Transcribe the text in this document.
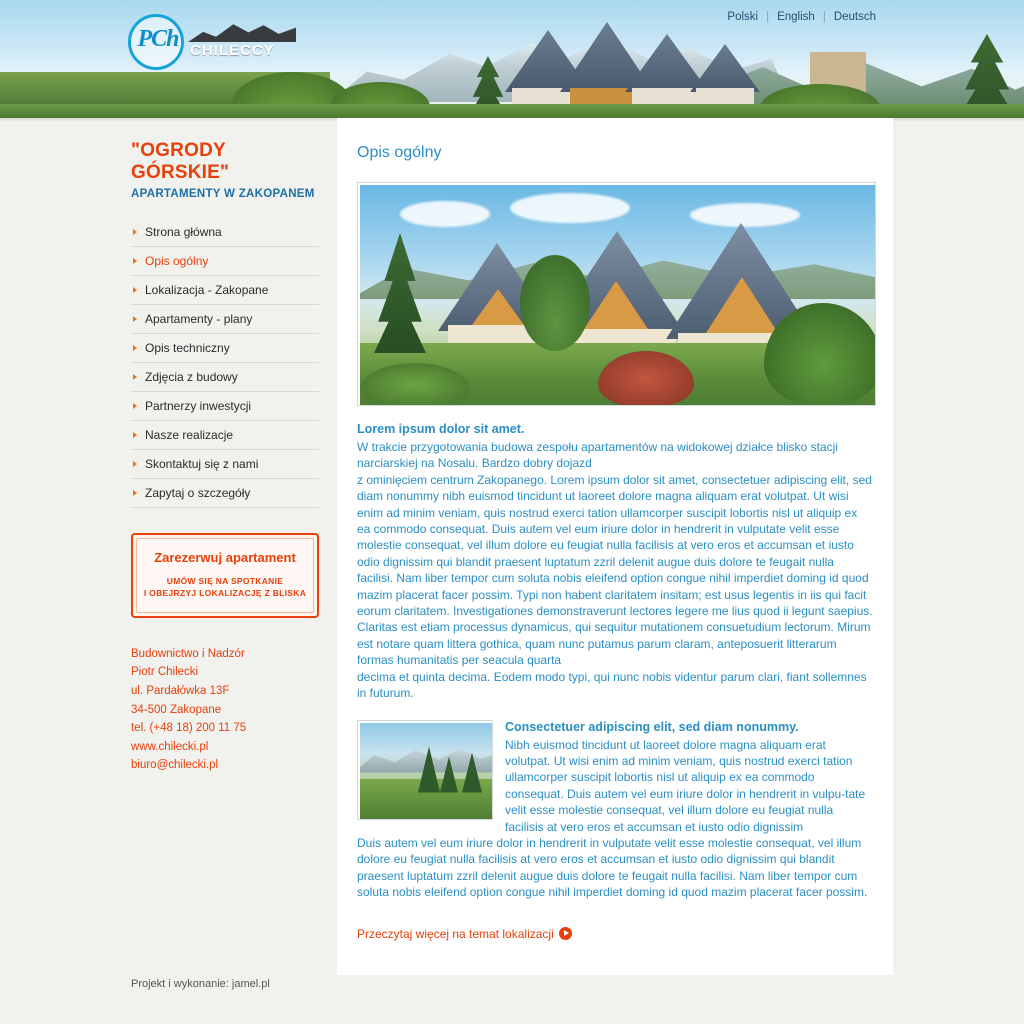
PCh CHILECCY
Polski | English | Deutsch
"OGRODY GÓRSKIE"
APARTAMENTY W ZAKOPANEM
Strona główna
Opis ogólny
Lokalizacja - Zakopane
Apartamenty - plany
Opis techniczny
Zdjęcia z budowy
Partnerzy inwestycji
Nasze realizacje
Skontaktuj się z nami
Zapytaj o szczegóły
Zarezerwuj apartament
UMÓW SIĘ NA SPOTKANIE
I OBEJRZYJ LOKALIZACJĘ Z BLISKA
Budownictwo i Nadzór
Piotr Chilecki
ul. Pardałówka 13F
34-500 Zakopane
tel. (+48 18) 200 11 75
www.chilecki.pl
biuro@chilecki.pl
Opis ogólny
Lorem ipsum dolor sit amet.

W trakcie przygotowania budowa zespołu apartamentów na widokowej działce blisko stacji narciarskiej na Nosalu. Bardzo dobry dojazd

z ominięciem centrum Zakopanego. Lorem ipsum dolor sit amet, consectetuer adipiscing elit, sed diam nonummy nibh euismod tincidunt ut laoreet dolore magna aliquam erat volutpat. Ut wisi enim ad minim veniam, quis nostrud exerci tation ullamcorper suscipit lobortis nisl ut aliquip ex ea commodo consequat. Duis autem vel eum iriure dolor in hendrerit in vulputate velit esse molestie consequat, vel illum dolore eu feugiat nulla facilisis at vero eros et accumsan et iusto odio dignissim qui blandit praesent luptatum zzril delenit augue duis dolore te feugait nulla facilisi. Nam liber tempor cum soluta nobis eleifend option congue nihil imperdiet doming id quod mazim placerat facer possim. Typi non habent claritatem insitam; est usus legentis in iis qui facit eorum claritatem. Investigationes demonstraverunt lectores legere me lius quod ii legunt saepius. Claritas est etiam processus dynamicus, qui sequitur mutationem consuetudium lectorum. Mirum est notare quam littera gothica, quam nunc putamus parum claram, anteposuerit litterarum formas humanitatis per seacula quarta

decima et quinta decima. Eodem modo typi, qui nunc nobis videntur parum clari, fiant sollemnes in futurum.

Consectetuer adipiscing elit, sed diam nonummy.

Nibh euismod tincidunt ut laoreet dolore magna aliquam erat volutpat. Ut wisi enim ad minim veniam, quis nostrud exerci tation ullamcorper suscipit lobortis nisl ut aliquip ex ea commodo consequat. Duis autem vel eum iriure dolor in hendrerit in vulpu-tate velit esse molestie consequat, vel illum dolore eu feugiat nulla facilisis at vero eros et accumsan et iusto odio dignissim

Duis autem vel eum iriure dolor in hendrerit in vulputate velit esse molestie consequat, vel illum dolore eu feugiat nulla facilisis at vero eros et accumsan et iusto odio dignissim qui blandit praesent luptatum zzril delenit augue duis dolore te feugait nulla facilisi. Nam liber tempor cum soluta nobis eleifend option congue nihil imperdiet doming id quod mazim placerat facer possim.

Przeczytaj więcej na temat lokalizacji

Projekt i wykonanie: jamel.pl
